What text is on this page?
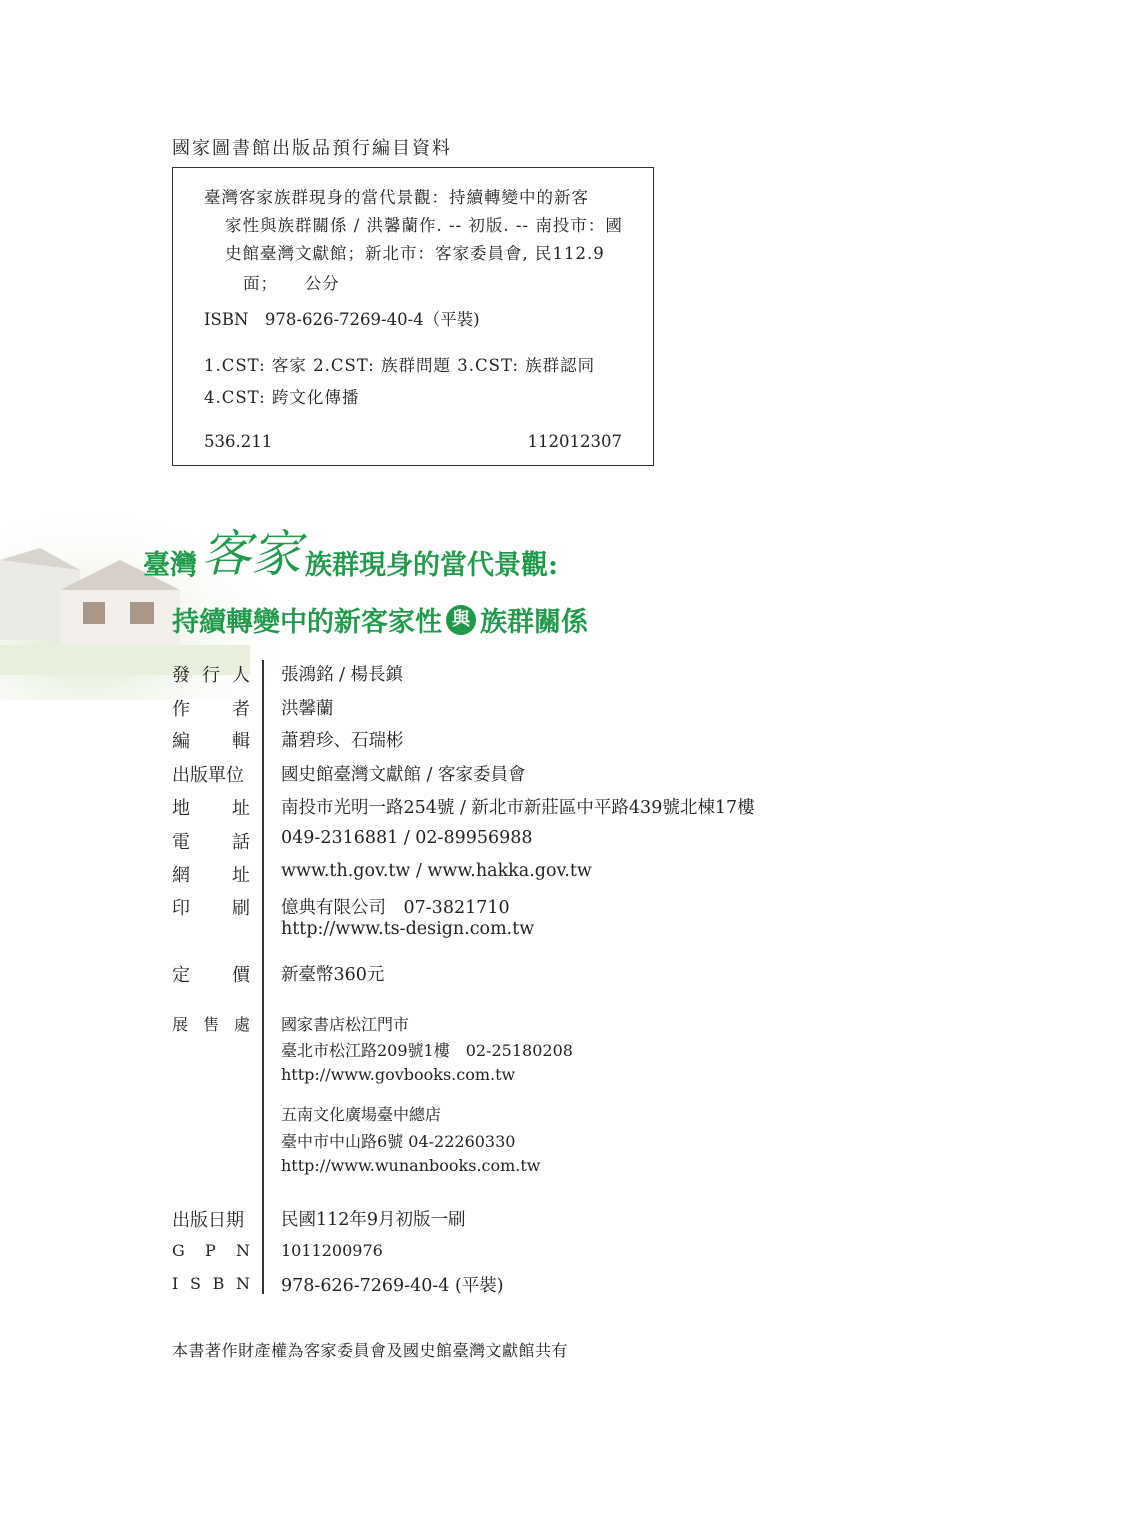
國家圖書館出版品預行編目資料
臺灣客家族群現身的當代景觀：持續轉變中的新客
家性與族群關係 / 洪馨蘭作. -- 初版. -- 南投市：國
史館臺灣文獻館；新北市：客家委員會, 民112.9
面；　　公分
ISBN　978-626-7269-40-4（平裝)
1.CST: 客家 2.CST: 族群問題 3.CST: 族群認同
4.CST: 跨文化傳播
536.211	112012307
臺灣 客家 族群現身的當代景觀:
持續轉變中的新客家性 與 族群關係
發 行 人 張鴻銘 / 楊長鎮
作 者 洪馨蘭
編 輯 蕭碧珍、石瑞彬
出版單位	國史館臺灣文獻館 / 客家委員會
地 址 南投市光明一路254號 / 新北市新莊區中平路439號北棟17樓
電 話 049-2316881 / 02-89956988
網 址 www.th.gov.tw / www.hakka.gov.tw
印 刷 億典有限公司　07-3821710
http://www.ts-design.com.tw
定 價 新臺幣360元
展 售 處 國家書店松江門市
臺北市松江路209號1樓　02-25180208
http://www.govbooks.com.tw
五南文化廣場臺中總店
臺中市中山路6號 04-22260330
http://www.wunanbooks.com.tw
出版日期	民國112年9月初版一刷
G P N 1011200976
I S B N 978-626-7269-40-4 (平裝)
本書著作財產權為客家委員會及國史館臺灣文獻館共有
